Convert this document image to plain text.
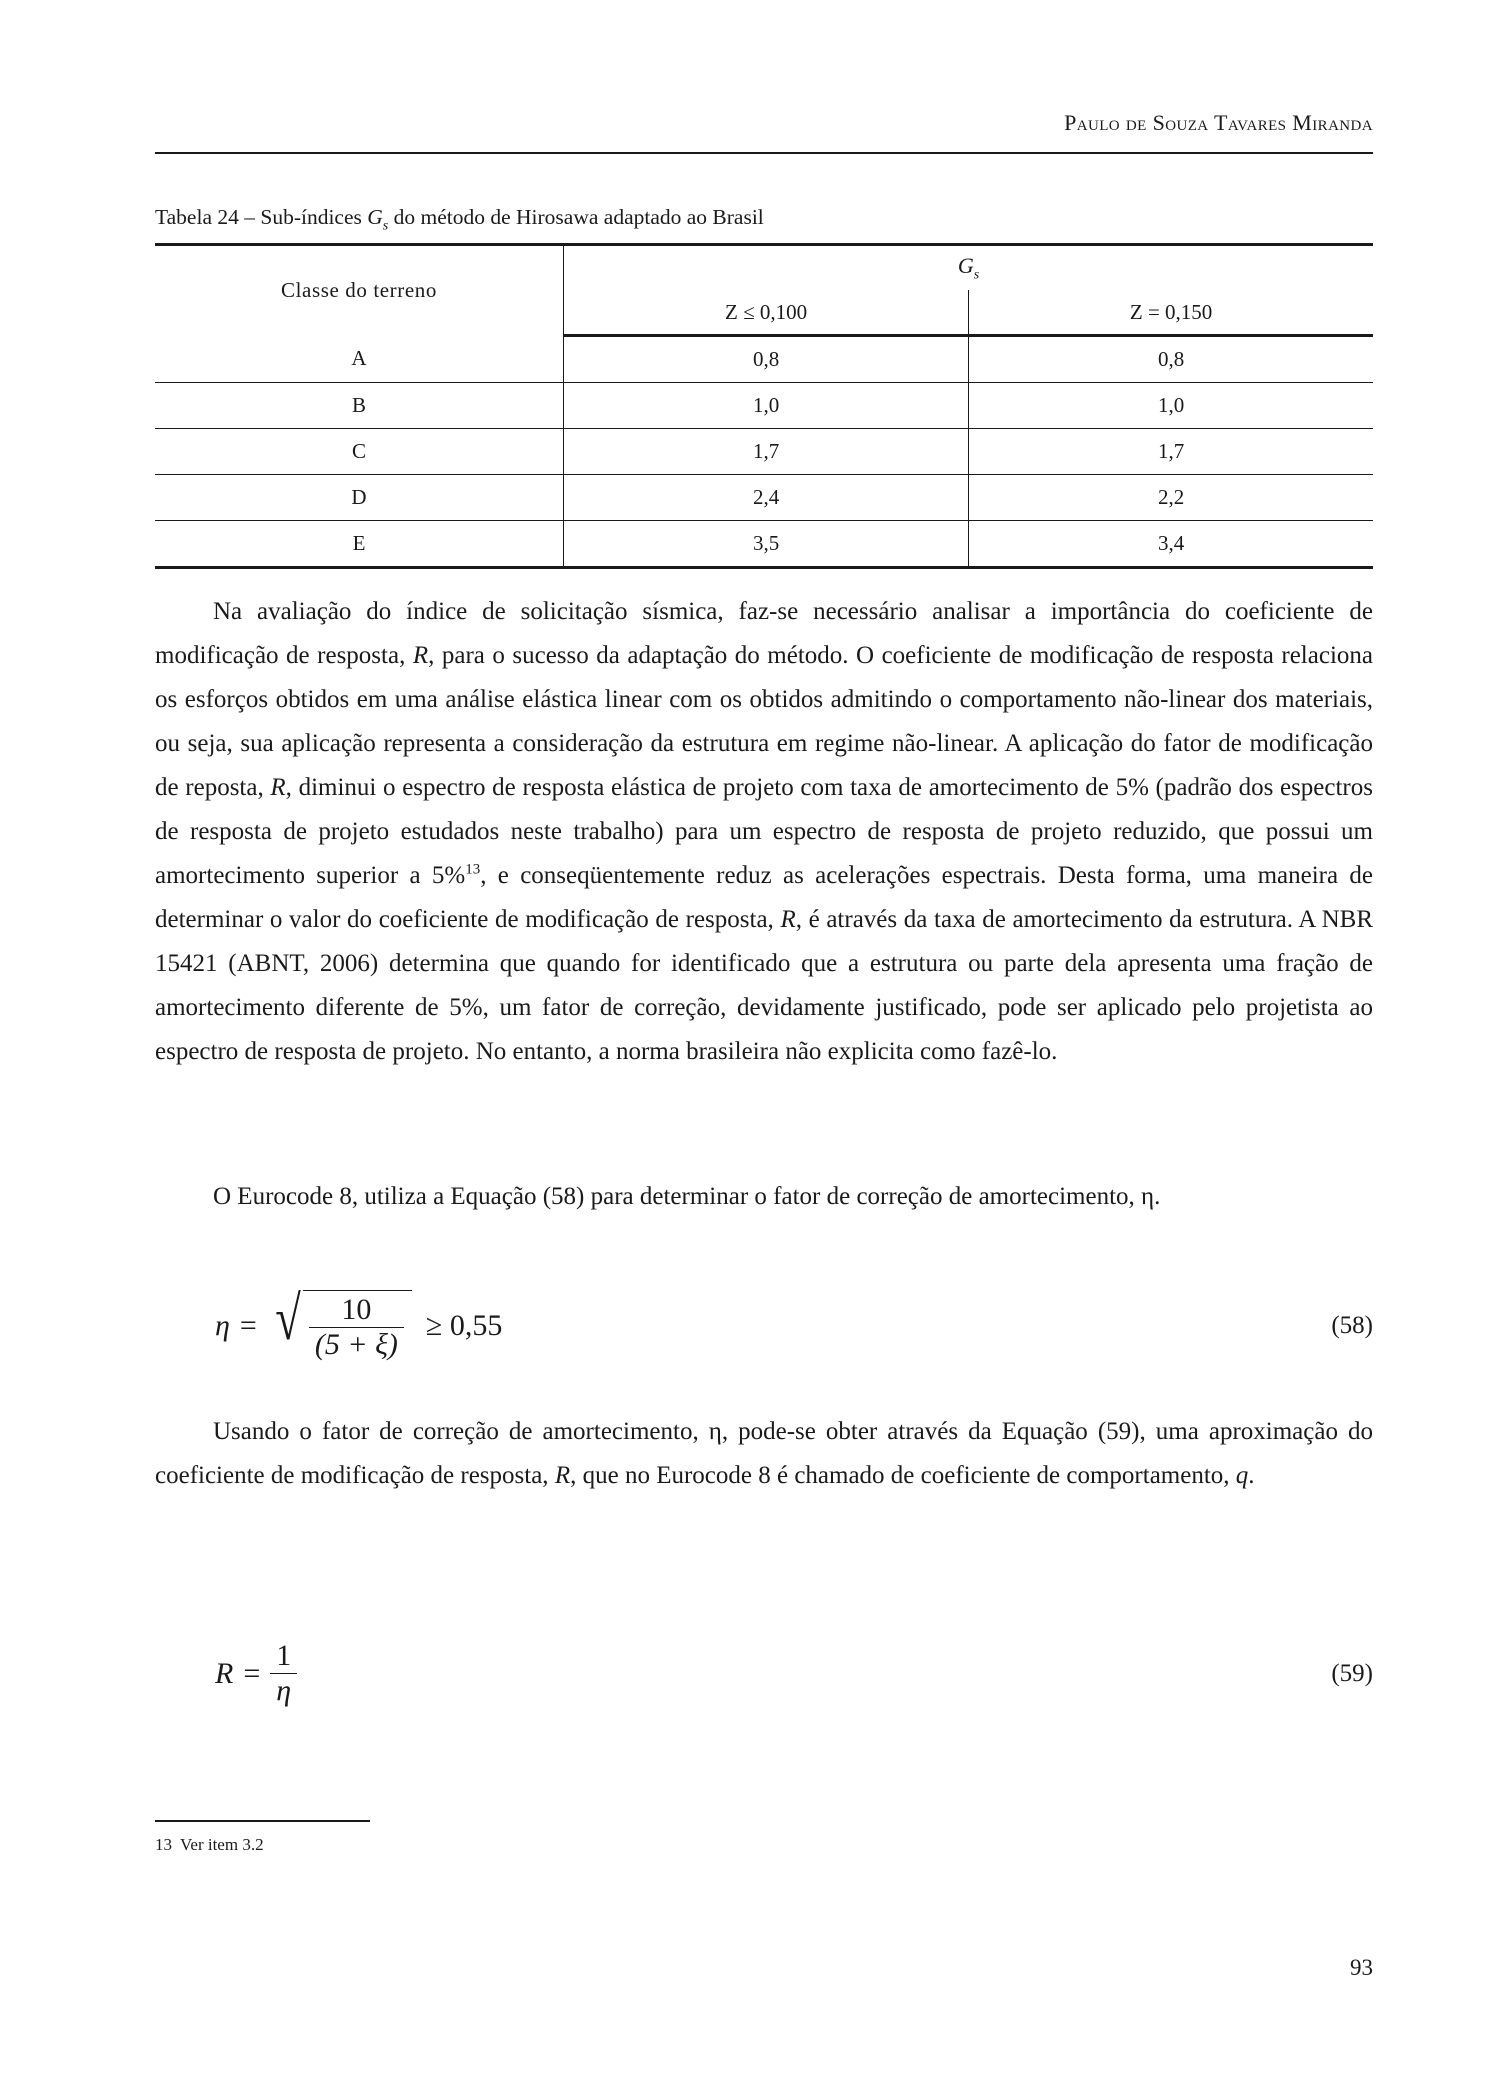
Paulo de Souza Tavares Miranda
Tabela 24 – Sub-índices $G_s$ do método de Hirosawa adaptado ao Brasil
Classe do terreno	$G_s$
	Z ≤ 0,100	Z = 0,150
A	0,8	0,8
B	1,0	1,0
C	1,7	1,7
D	2,4	2,2
E	3,5	3,4
Na avaliação do índice de solicitação sísmica, faz-se necessário analisar a importância do coeficiente de modificação de resposta, R, para o sucesso da adaptação do método. O coeficiente de modificação de resposta relaciona os esforços obtidos em uma análise elástica linear com os obtidos admitindo o comportamento não-linear dos materiais, ou seja, sua aplicação representa a consideração da estrutura em regime não-linear. A aplicação do fator de modificação de reposta, R, diminui o espectro de resposta elástica de projeto com taxa de amortecimento de 5% (padrão dos espectros de resposta de projeto estudados neste trabalho) para um espectro de resposta de projeto reduzido, que possui um amortecimento superior a 5%$^{13}$, e conseqüentemente reduz as acelerações espectrais. Desta forma, uma maneira de determinar o valor do coeficiente de modificação de resposta, R, é através da taxa de amortecimento da estrutura. A NBR 15421 (ABNT, 2006) determina que quando for identificado que a estrutura ou parte dela apresenta uma fração de amortecimento diferente de 5%, um fator de correção, devidamente justificado, pode ser aplicado pelo projetista ao espectro de resposta de projeto. No entanto, a norma brasileira não explicita como fazê-lo.
O Eurocode 8, utiliza a Equação (58) para determinar o fator de correção de amortecimento, η.
Usando o fator de correção de amortecimento, η, pode-se obter através da Equação (59), uma aproximação do coeficiente de modificação de resposta, R, que no Eurocode 8 é chamado de coeficiente de comportamento, q.
η = √ $\frac{10}{(5 + \xi)} \ge 0,55$	(58)
$R = \frac{1}{\eta}$	(59)
13 Ver item 3.2
93
